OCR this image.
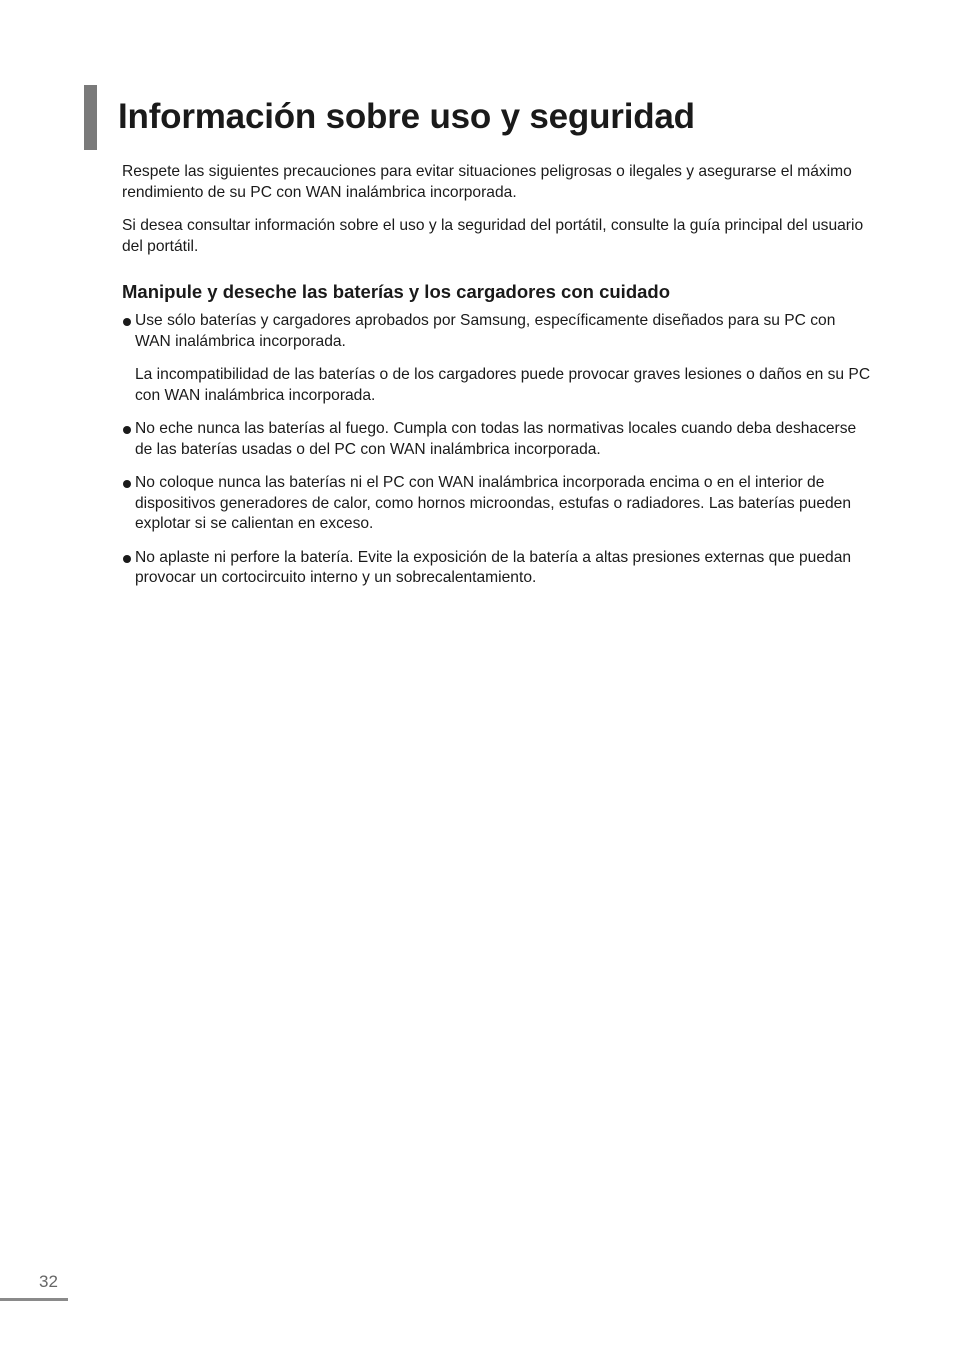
Información sobre uso y seguridad

Respete las siguientes precauciones para evitar situaciones peligrosas o ilegales y asegurarse el máximo rendimiento de su PC con WAN inalámbrica incorporada.

Si desea consultar información sobre el uso y la seguridad del portátil, consulte la guía principal del usuario del portátil.

Manipule y deseche las baterías y los cargadores con cuidado

Use sólo baterías y cargadores aprobados por Samsung, específicamente diseñados para su PC con WAN inalámbrica incorporada.

La incompatibilidad de las baterías o de los cargadores puede provocar graves lesiones o daños en su PC con WAN inalámbrica incorporada.

No eche nunca las baterías al fuego. Cumpla con todas las normativas locales cuando deba deshacerse de las baterías usadas o del PC con WAN inalámbrica incorporada.

No coloque nunca las baterías ni el PC con WAN inalámbrica incorporada encima o en el interior de dispositivos generadores de calor, como hornos microondas, estufas o radiadores. Las baterías pueden explotar si se calientan en exceso.

No aplaste ni perfore la batería. Evite la exposición de la batería a altas presiones externas que puedan provocar un cortocircuito interno y un sobrecalentamiento.

32
